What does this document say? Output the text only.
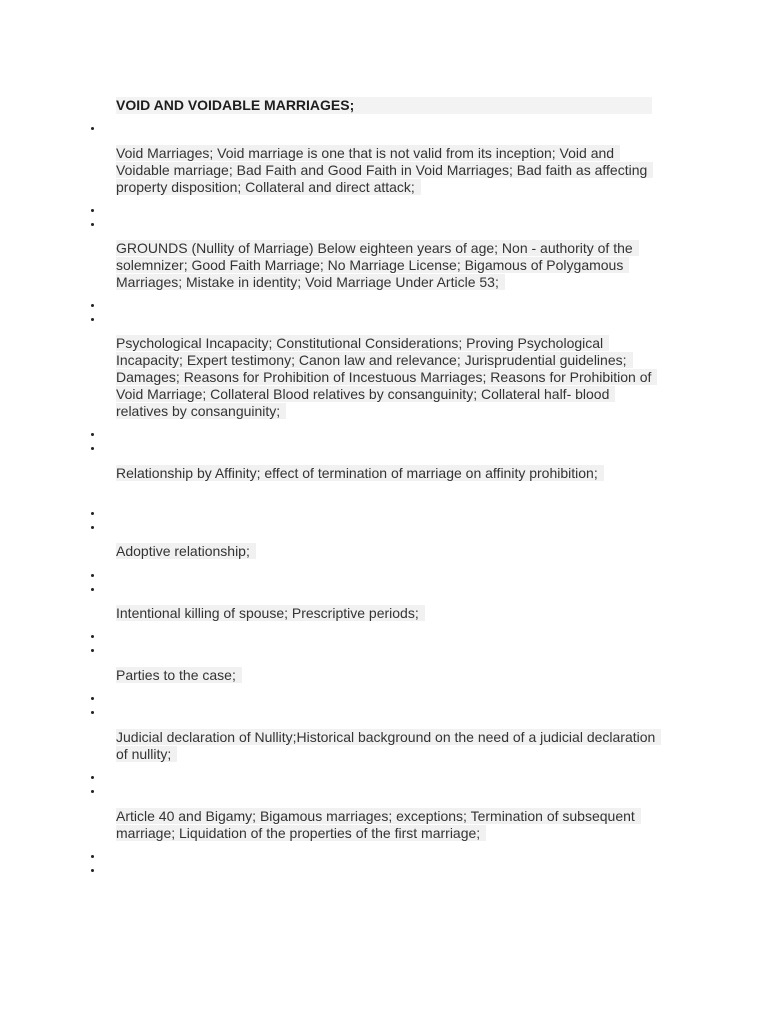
VOID AND VOIDABLE MARRIAGES;

Void Marriages; Void marriage is one that is not valid from its inception; Void and Voidable marriage; Bad Faith and Good Faith in Void Marriages; Bad faith as affecting property disposition; Collateral and direct attack;

GROUNDS (Nullity of Marriage) Below eighteen years of age; Non - authority of the solemnizer; Good Faith Marriage; No Marriage License; Bigamous of Polygamous Marriages; Mistake in identity; Void Marriage Under Article 53;

Psychological Incapacity; Constitutional Considerations; Proving Psychological Incapacity; Expert testimony; Canon law and relevance; Jurisprudential guidelines; Damages; Reasons for Prohibition of Incestuous Marriages; Reasons for Prohibition of Void Marriage; Collateral Blood relatives by consanguinity; Collateral half- blood relatives by consanguinity;

Relationship by Affinity; effect of termination of marriage on affinity prohibition;

Adoptive relationship;

Intentional killing of spouse; Prescriptive periods;

Parties to the case;

Judicial declaration of Nullity;Historical background on the need of a judicial declaration of nullity;

Article 40 and Bigamy; Bigamous marriages; exceptions; Termination of subsequent marriage; Liquidation of the properties of the first marriage;
